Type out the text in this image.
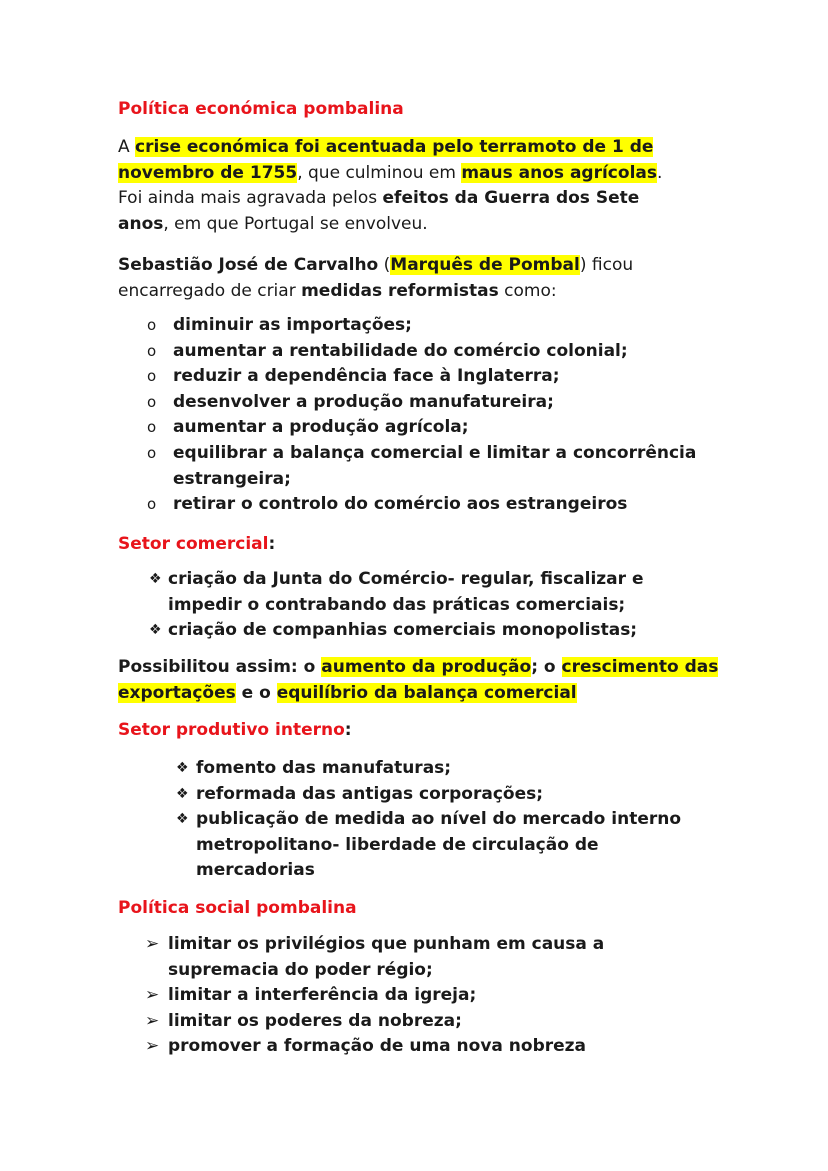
Política económica pombalina
A crise económica foi acentuada pelo terramoto de 1 de
novembro de 1755, que culminou em maus anos agrícolas.
Foi ainda mais agravada pelos efeitos da Guerra dos Sete
anos, em que Portugal se envolveu.
Sebastião José de Carvalho (Marquês de Pombal) ficou
encarregado de criar medidas reformistas como:
o diminuir as importações;
o aumentar a rentabilidade do comércio colonial;
o reduzir a dependência face à Inglaterra;
o desenvolver a produção manufatureira;
o aumentar a produção agrícola;
o equilibrar a balança comercial e limitar a concorrência
estrangeira;
o retirar o controlo do comércio aos estrangeiros
Setor comercial:
❖ criação da Junta do Comércio- regular, fiscalizar e
impedir o contrabando das práticas comerciais;
❖ criação de companhias comerciais monopolistas;
Possibilitou assim: o aumento da produção; o crescimento das
exportações e o equilíbrio da balança comercial
Setor produtivo interno:
❖ fomento das manufaturas;
❖ reformada das antigas corporações;
❖ publicação de medida ao nível do mercado interno
metropolitano- liberdade de circulação de
mercadorias
Política social pombalina
➢ limitar os privilégios que punham em causa a
supremacia do poder régio;
➢ limitar a interferência da igreja;
➢ limitar os poderes da nobreza;
➢ promover a formação de uma nova nobreza
